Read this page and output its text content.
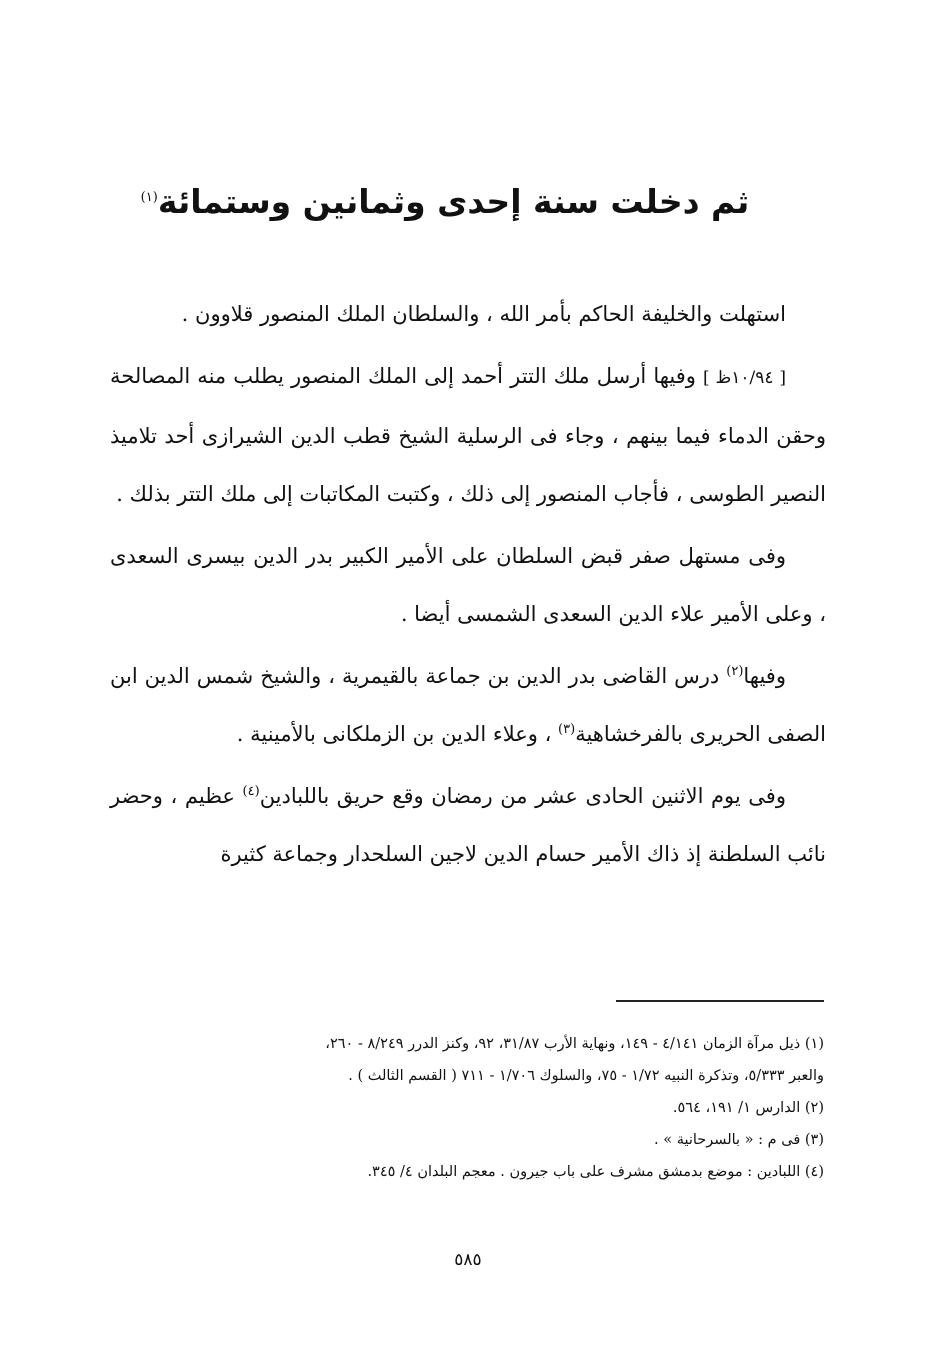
ثم دخلت سنة إحدى وثمانين وستمائة$^{(١)}$

استهلت والخليفة الحاكم بأمر الله ، والسلطان الملك المنصور قلاوون .

[ ١٠/٩٤ظ ] وفيها أرسل ملك التتر أحمد إلى الملك المنصور يطلب منه المصالحة وحقن الدماء فيما بينهم ، وجاء فى الرسلية الشيخ قطب الدين الشيرازى أحد تلاميذ النصير الطوسى ، فأجاب المنصور إلى ذلك ، وكتبت المكاتبات إلى ملك التتر بذلك .

وفى مستهل صفر قبض السلطان على الأمير الكبير بدر الدين بيسرى السعدى ، وعلى الأمير علاء الدين السعدى الشمسى أيضا .

وفيها$^{(٢)}$ درس القاضى بدر الدين بن جماعة بالقيمرية ، والشيخ شمس الدين ابن الصفى الحريرى بالفرخشاهية$^{(٣)}$ ، وعلاء الدين بن الزملكانى بالأمينية .

وفى يوم الاثنين الحادى عشر من رمضان وقع حريق باللبادين$^{(٤)}$ عظيم ، وحضر نائب السلطنة إذ ذاك الأمير حسام الدين لاجين السلحدار وجماعة كثيرة

(١) ذيل مرآة الزمان ٤/١٤١ - ١٤٩، ونهاية الأرب ٣١/٨٧، ٩٢، وكنز الدرر ٨/٢٤٩ - ٢٦٠،

والعبر ٥/٣٣٣، وتذكرة النبيه ١/٧٢ - ٧٥، والسلوك ١/٧٠٦ - ٧١١ ( القسم الثالث ) .

(٢) الدارس ١/ ١٩١، ٥٦٤.

(٣) فى م : « بالسرحانية » .

(٤) اللبادين : موضع بدمشق مشرف على باب جيرون . معجم البلدان ٤/ ٣٤٥.

٥٨٥
